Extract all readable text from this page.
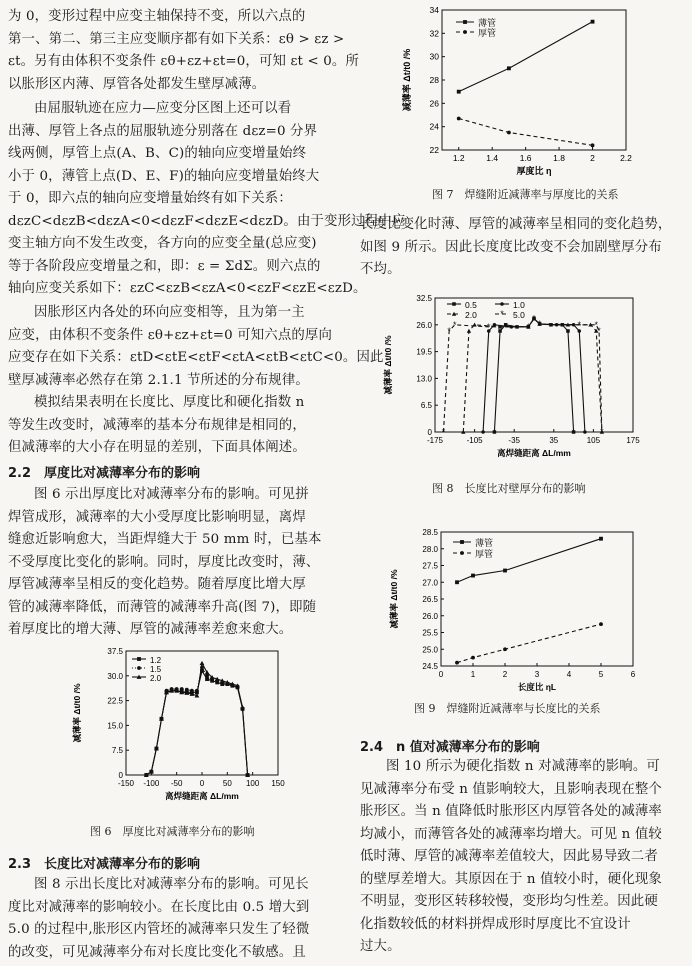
为 0，变形过程中应变主轴保持不变，所以六点的
第一、第二、第三主应变顺序都有如下关系：εθ > εz >
εt。另有由体积不变条件 εθ+εz+εt=0，可知 εt < 0。所
以胀形区内薄、厚管各处都发生壁厚减薄。
由屈服轨迹在应力—应变分区图上还可以看
出薄、厚管上各点的屈服轨迹分别落在 dεz=0 分界
线两侧，厚管上点(A、B、C)的轴向应变增量始终
小于 0，薄管上点(D、E、F)的轴向应变增量始终大
于 0，即六点的轴向应变增量始终有如下关系：
dεzC<dεzB<dεzA<0<dεzF<dεzE<dεzD。由于变形过程中应
变主轴方向不发生改变，各方向的应变全量(总应变)
等于各阶段应变增量之和，即：ε = ΣdΣ。则六点的
轴向应变关系如下：εzC<εzB<εzA<0<εzF<εzE<εzD。
因胀形区内各处的环向应变相等，且为第一主
应变，由体积不变条件 εθ+εz+εt=0 可知六点的厚向
应变存在如下关系：εtD<εtE<εtF<εtA<εtB<εtC<0。因此
壁厚减薄率必然存在第 2.1.1 节所述的分布规律。
模拟结果表明在长度比、厚度比和硬化指数 n
等发生改变时，减薄率的基本分布规律是相同的，
但减薄率的大小存在明显的差别，下面具体阐述。
2.2　厚度比对减薄率分布的影响
图 6 示出厚度比对减薄率分布的影响。可见拼
焊管成形，减薄率的大小受厚度比影响明显，离焊
缝愈近影响愈大，当距焊缝大于 50 mm 时，已基本
不受厚度比变化的影响。同时，厚度比改变时，薄、
厚管减薄率呈相反的变化趋势。随着厚度比增大厚
管的减薄率降低，而薄管的减薄率升高(图 7)，即随
着厚度比的增大薄、厚管的减薄率差愈来愈大。
-150 -100 -50 0 50 100 150
0
7.5
15.0
22.5
30.0
37.5
离焊缝距离 ΔL/mm
减薄率 Δt/t0 /%
1.2
1.5
2.0
图 6　厚度比对减薄率分布的影响
2.3　长度比对减薄率分布的影响
图 8 示出长度比对减薄率分布的影响。可见长
度比对减薄率的影响较小。在长度比由 0.5 增大到
5.0 的过程中,胀形区内管坯的减薄率只发生了轻微
的改变，可见减薄率分布对长度比变化不敏感。且
1.2	1.4	1.6	1.8	2	2.2
22
24
26
28
30
32
34
厚度比 η
减薄率 Δt/t0 /%
薄管
厚管
图 7　焊缝附近减薄率与厚度比的关系
长度比变化时薄、厚管的减薄率呈相同的变化趋势，
如图 9 所示。因此长度度比改变不会加剧壁厚分布
不均。
-175	-105	-35	35	105	175
0
6.5
13.0
19.5
26.0
32.5
离焊缝距离 ΔL/mm
减薄率 Δt/t0 /%
*
*
*	*	*
*
*	* *
*
*
0.5	1.0
2.0	* 5.0
图 8　长度比对壁厚分布的影响
0	1	2	3	4	5	6
24.5
25.0
25.5
26.0
26.5
27.0
27.5
28.0
28.5
长度比 ηL
减薄率 Δt/t0 /%
薄管
厚管
图 9　焊缝附近减薄率与长度比的关系
2.4　n 值对减薄率分布的影响
图 10 所示为硬化指数 n 对减薄率的影响。可
见减薄率分布受 n 值影响较大，且影响表现在整个
胀形区。当 n 值降低时胀形区内厚管各处的减薄率
均减小，而薄管各处的减薄率均增大。可见 n 值较
低时薄、厚管的减薄率差值较大，因此易导致二者
的壁厚差增大。其原因在于 n 值较小时，硬化现象
不明显，变形区转移较慢，变形均匀性差。因此硬
化指数较低的材料拼焊成形时厚度比不宜设计
过大。
